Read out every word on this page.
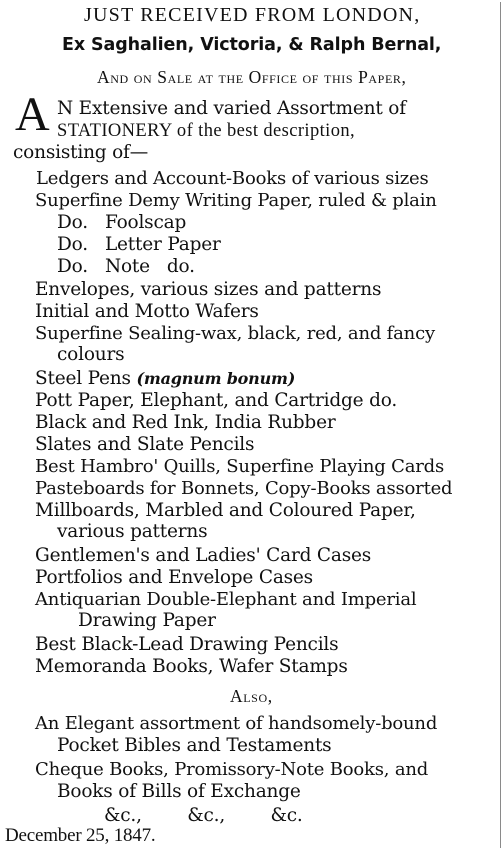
JUST RECEIVED FROM LONDON,
Ex Saghalien, Victoria, & Ralph Bernal,
And on Sale at the Office of this Paper,
A N Extensive and varied Assortment of
STATIONERY of the best description,
consisting of—
Ledgers and Account-Books of various sizes
Superfine Demy Writing Paper, ruled & plain
Do.   Foolscap
Do.   Letter Paper
Do.   Note   do.
Envelopes, various sizes and patterns
Initial and Motto Wafers
Superfine Sealing-wax, black, red, and fancy
colours
Steel Pens (magnum bonum)
Pott Paper, Elephant, and Cartridge do.
Black and Red Ink, India Rubber
Slates and Slate Pencils
Best Hambro' Quills, Superfine Playing Cards
Pasteboards for Bonnets, Copy-Books assorted
Millboards, Marbled and Coloured Paper,
various patterns
Gentlemen's and Ladies' Card Cases
Portfolios and Envelope Cases
Antiquarian Double-Elephant and Imperial
Drawing Paper
Best Black-Lead Drawing Pencils
Memoranda Books, Wafer Stamps
Also,
An Elegant assortment of handsomely-bound
Pocket Bibles and Testaments
Cheque Books, Promissory-Note Books, and
Books of Bills of Exchange
&c.,        &c.,        &c.
December 25, 1847.
